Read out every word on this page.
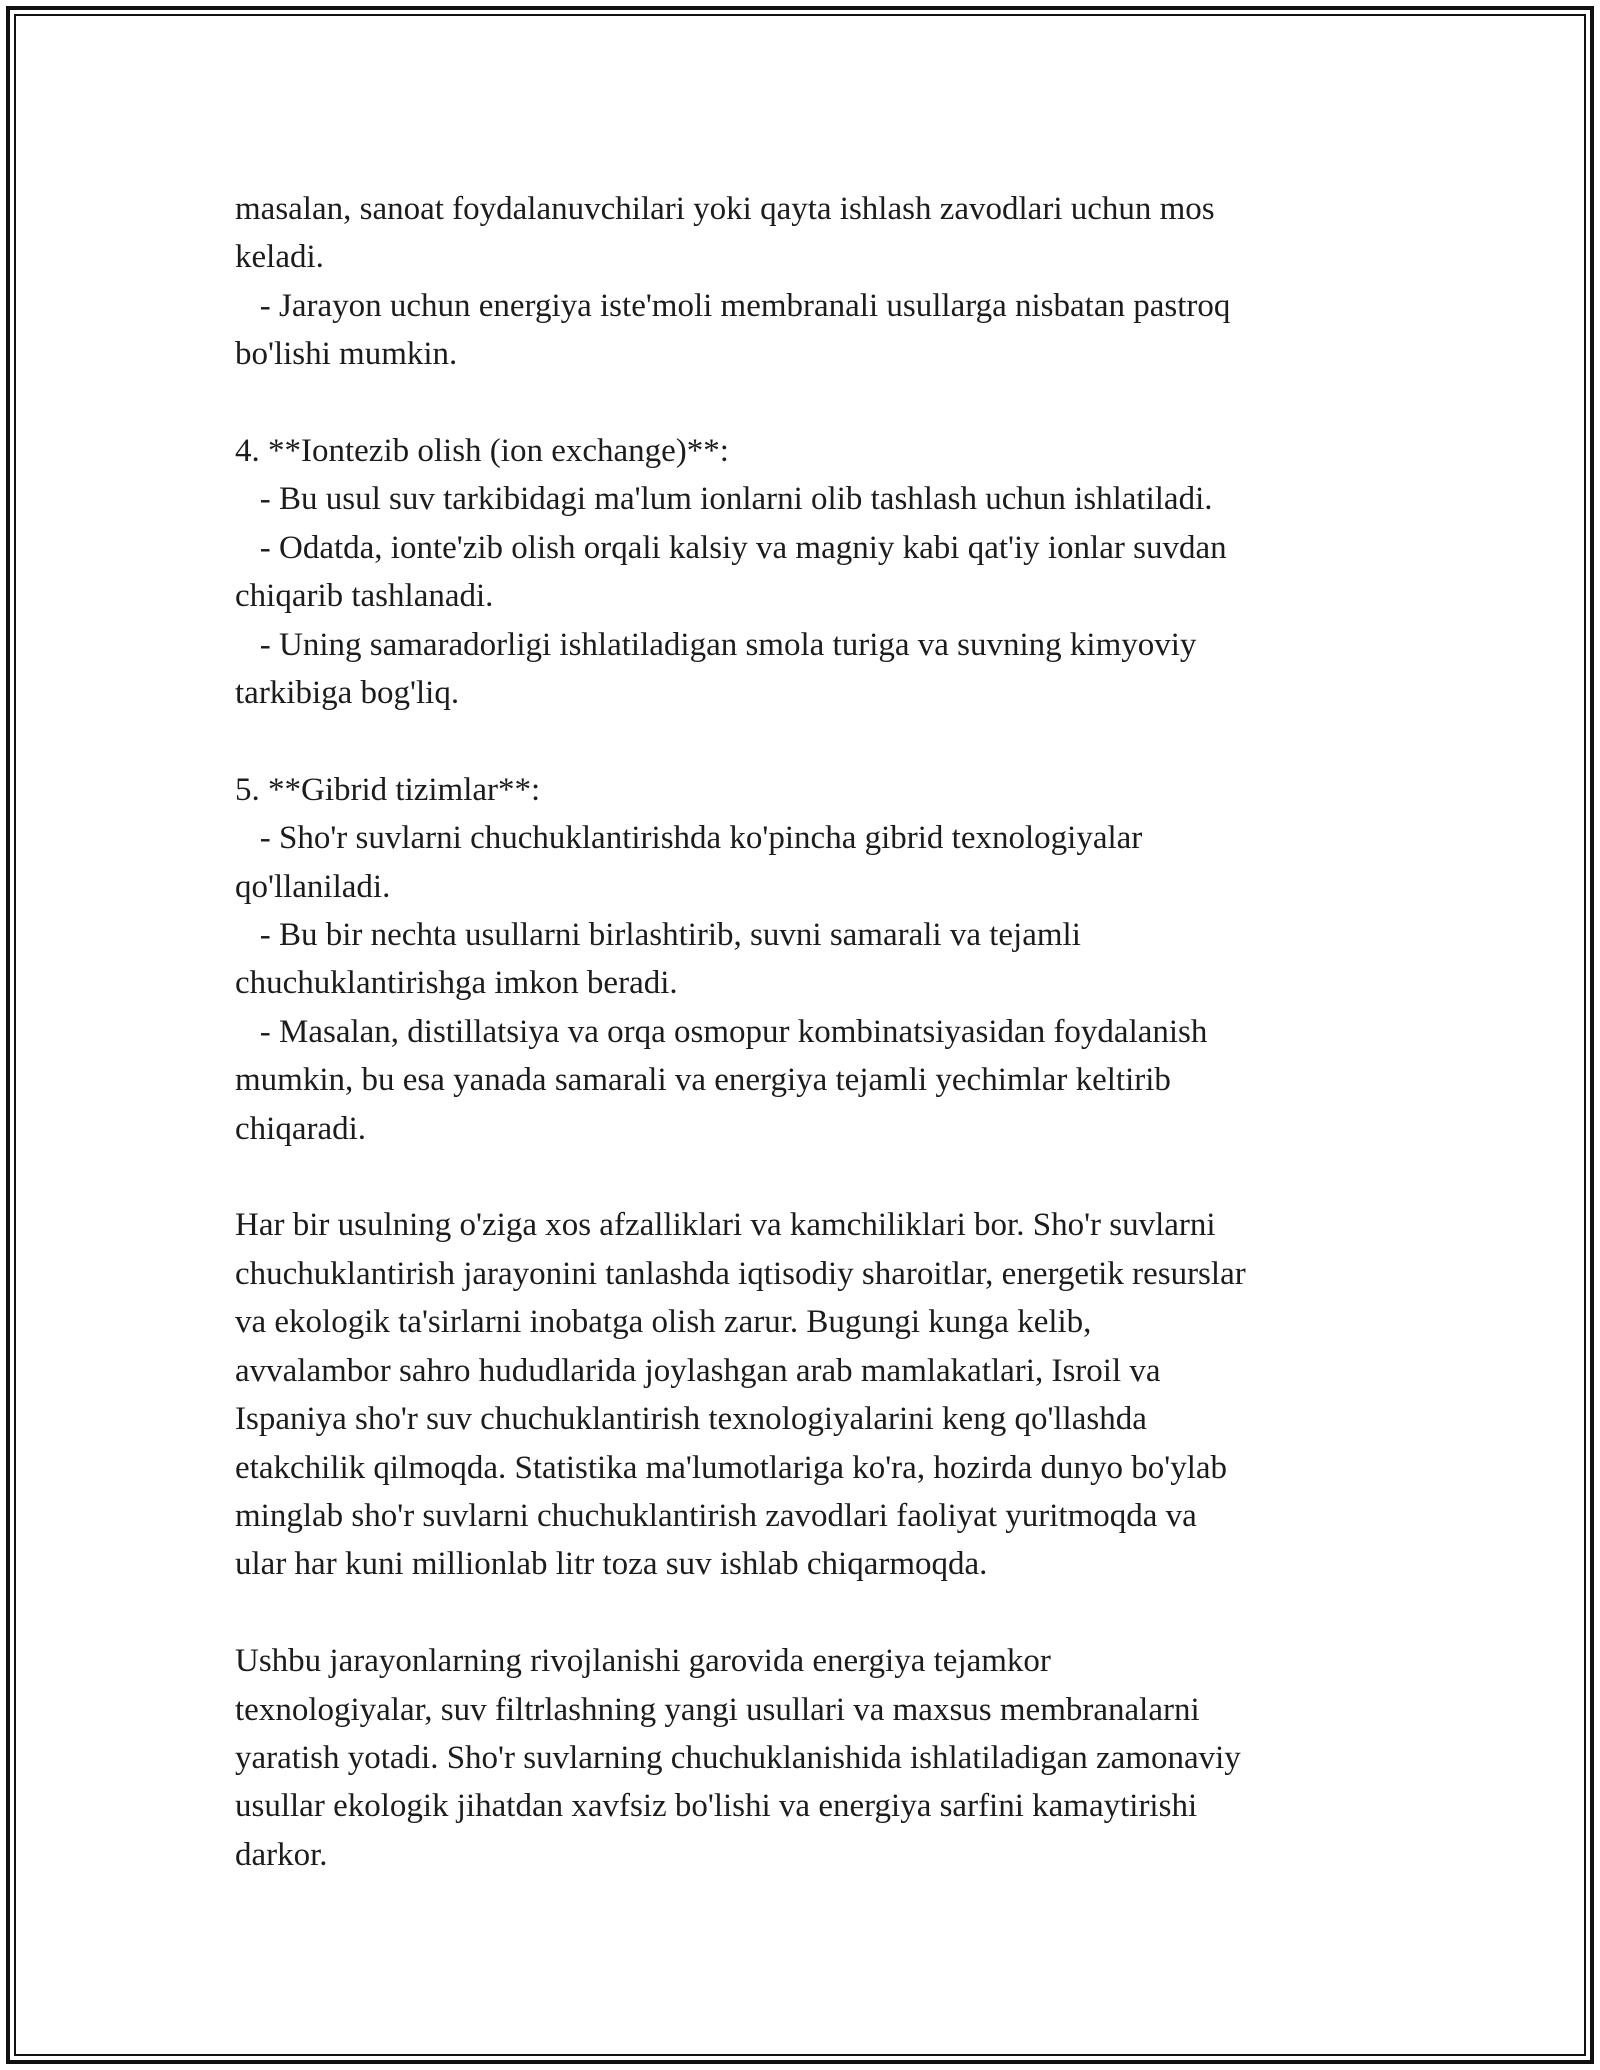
masalan, sanoat foydalanuvchilari yoki qayta ishlash zavodlari uchun mos

keladi.

- Jarayon uchun energiya iste'moli membranali usullarga nisbatan pastroq

bo'lishi mumkin.

4. **Iontezib olish (ion exchange)**:

- Bu usul suv tarkibidagi ma'lum ionlarni olib tashlash uchun ishlatiladi.

- Odatda, ionte'zib olish orqali kalsiy va magniy kabi qat'iy ionlar suvdan

chiqarib tashlanadi.

- Uning samaradorligi ishlatiladigan smola turiga va suvning kimyoviy

tarkibiga bog'liq.

5. **Gibrid tizimlar**:

- Sho'r suvlarni chuchuklantirishda ko'pincha gibrid texnologiyalar

qo'llaniladi.

- Bu bir nechta usullarni birlashtirib, suvni samarali va tejamli

chuchuklantirishga imkon beradi.

- Masalan, distillatsiya va orqa osmopur kombinatsiyasidan foydalanish

mumkin, bu esa yanada samarali va energiya tejamli yechimlar keltirib

chiqaradi.

Har bir usulning o'ziga xos afzalliklari va kamchiliklari bor. Sho'r suvlarni

chuchuklantirish jarayonini tanlashda iqtisodiy sharoitlar, energetik resurslar

va ekologik ta'sirlarni inobatga olish zarur. Bugungi kunga kelib,

avvalambor sahro hududlarida joylashgan arab mamlakatlari, Isroil va

Ispaniya sho'r suv chuchuklantirish texnologiyalarini keng qo'llashda

etakchilik qilmoqda. Statistika ma'lumotlariga ko'ra, hozirda dunyo bo'ylab

minglab sho'r suvlarni chuchuklantirish zavodlari faoliyat yuritmoqda va

ular har kuni millionlab litr toza suv ishlab chiqarmoqda.

Ushbu jarayonlarning rivojlanishi garovida energiya tejamkor

texnologiyalar, suv filtrlashning yangi usullari va maxsus membranalarni

yaratish yotadi. Sho'r suvlarning chuchuklanishida ishlatiladigan zamonaviy

usullar ekologik jihatdan xavfsiz bo'lishi va energiya sarfini kamaytirishi

darkor.
